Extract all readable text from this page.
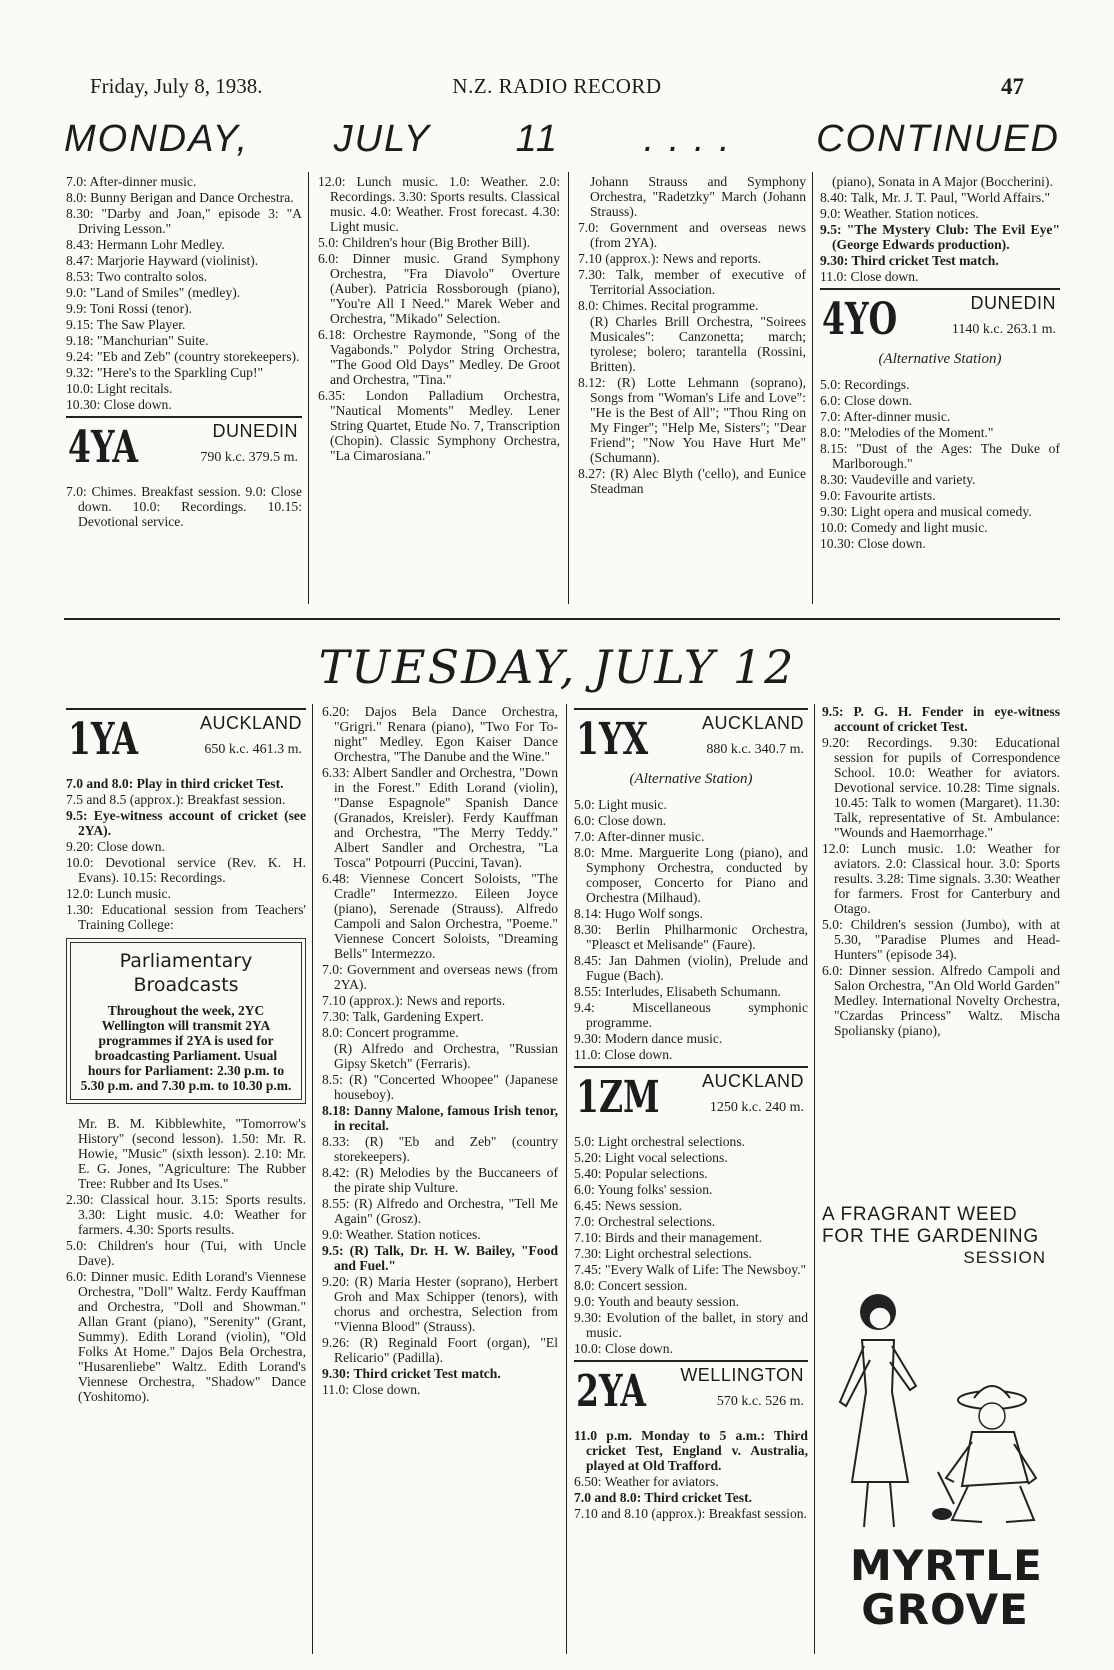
Friday, July 8, 1938.	N.Z. RADIO RECORD	47
MONDAY, JULY 11 . . . . CONTINUED

7.0: After-dinner music.

8.0: Bunny Berigan and Dance Orchestra.

8.30: "Darby and Joan," episode 3: "A Driving Lesson."

8.43: Hermann Lohr Medley.

8.47: Marjorie Hayward (violinist).

8.53: Two contralto solos.

9.0: "Land of Smiles" (medley).

9.9: Toni Rossi (tenor).

9.15: The Saw Player.

9.18: "Manchurian" Suite.

9.24: "Eb and Zeb" (country storekeepers).

9.32: "Here's to the Sparkling Cup!"

10.0: Light recitals.

10.30: Close down.

4YA	DUNEDIN
790 k.c. 379.5 m.

7.0: Chimes. Breakfast session. 9.0: Close down. 10.0: Recordings. 10.15: Devotional service.

12.0: Lunch music. 1.0: Weather. 2.0: Recordings. 3.30: Sports results. Classical music. 4.0: Weather. Frost forecast. 4.30: Light music.

5.0: Children's hour (Big Brother Bill).

6.0: Dinner music. Grand Symphony Orchestra, "Fra Diavolo" Overture (Auber). Patricia Rossborough (piano), "You're All I Need." Marek Weber and Orchestra, "Mikado" Selection.

6.18: Orchestre Raymonde, "Song of the Vagabonds." Polydor String Orchestra, "The Good Old Days" Medley. De Groot and Orchestra, "Tina."

6.35: London Palladium Orchestra, "Nautical Moments" Medley. Lener String Quartet, Etude No. 7, Transcription (Chopin). Classic Symphony Orchestra, "La Cimarosiana."

Johann Strauss and Symphony Orchestra, "Radetzky" March (Johann Strauss).

7.0: Government and overseas news (from 2YA).

7.10 (approx.): News and reports.

7.30: Talk, member of executive of Territorial Association.

8.0: Chimes. Recital programme.

(R) Charles Brill Orchestra, "Soirees Musicales": Canzonetta; march; tyrolese; bolero; tarantella (Rossini, Britten).

8.12: (R) Lotte Lehmann (soprano), Songs from "Woman's Life and Love": "He is the Best of All"; "Thou Ring on My Finger"; "Help Me, Sisters"; "Dear Friend"; "Now You Have Hurt Me" (Schumann).

8.27: (R) Alec Blyth ('cello), and Eunice Steadman

(piano), Sonata in A Major (Boccherini).

8.40: Talk, Mr. J. T. Paul, "World Affairs."

9.0: Weather. Station notices.

9.5: "The Mystery Club: The Evil Eye" (George Edwards production).

9.30: Third cricket Test match.

11.0: Close down.

4YO	DUNEDIN
1140 k.c. 263.1 m.
(Alternative Station)

5.0: Recordings.

6.0: Close down.

7.0: After-dinner music.

8.0: "Melodies of the Moment."

8.15: "Dust of the Ages: The Duke of Marlborough."

8.30: Vaudeville and variety.

9.0: Favourite artists.

9.30: Light opera and musical comedy.

10.0: Comedy and light music.

10.30: Close down.

TUESDAY, JULY 12
1YA	AUCKLAND
650 k.c. 461.3 m.

7.0 and 8.0: Play in third cricket Test.

7.5 and 8.5 (approx.): Breakfast session.

9.5: Eye-witness account of cricket (see 2YA).

9.20: Close down.

10.0: Devotional service (Rev. K. H. Evans). 10.15: Recordings.

12.0: Lunch music.

1.30: Educational session from Teachers' Training College:

Parliamentary
Broadcasts
Throughout the week, 2YC Wellington will transmit 2YA programmes if 2YA is used for broadcasting Parliament. Usual hours for Parliament: 2.30 p.m. to 5.30 p.m. and 7.30 p.m. to 10.30 p.m.

Mr. B. M. Kibblewhite, "Tomorrow's History" (second lesson). 1.50: Mr. R. Howie, "Music" (sixth lesson). 2.10: Mr. E. G. Jones, "Agriculture: The Rubber Tree: Rubber and Its Uses."

2.30: Classical hour. 3.15: Sports results. 3.30: Light music. 4.0: Weather for farmers. 4.30: Sports results.

5.0: Children's hour (Tui, with Uncle Dave).

6.0: Dinner music. Edith Lorand's Viennese Orchestra, "Doll" Waltz. Ferdy Kauffman and Orchestra, "Doll and Showman." Allan Grant (piano), "Serenity" (Grant, Summy). Edith Lorand (violin), "Old Folks At Home." Dajos Bela Orchestra, "Husarenliebe" Waltz. Edith Lorand's Viennese Orchestra, "Shadow" Dance (Yoshitomo).

6.20: Dajos Bela Dance Orchestra, "Grigri." Renara (piano), "Two For To-night" Medley. Egon Kaiser Dance Orchestra, "The Danube and the Wine."

6.33: Albert Sandler and Orchestra, "Down in the Forest." Edith Lorand (violin), "Danse Espagnole" Spanish Dance (Granados, Kreisler). Ferdy Kauffman and Orchestra, "The Merry Teddy." Albert Sandler and Orchestra, "La Tosca" Potpourri (Puccini, Tavan).

6.48: Viennese Concert Soloists, "The Cradle" Intermezzo. Eileen Joyce (piano), Serenade (Strauss). Alfredo Campoli and Salon Orchestra, "Poeme." Viennese Concert Soloists, "Dreaming Bells" Intermezzo.

7.0: Government and overseas news (from 2YA).

7.10 (approx.): News and reports.

7.30: Talk, Gardening Expert.

8.0: Concert programme.

(R) Alfredo and Orchestra, "Russian Gipsy Sketch" (Ferraris).

8.5: (R) "Concerted Whoopee" (Japanese houseboy).

8.18: Danny Malone, famous Irish tenor, in recital.

8.33: (R) "Eb and Zeb" (country storekeepers).

8.42: (R) Melodies by the Buccaneers of the pirate ship Vulture.

8.55: (R) Alfredo and Orchestra, "Tell Me Again" (Grosz).

9.0: Weather. Station notices.

9.5: (R) Talk, Dr. H. W. Bailey, "Food and Fuel."

9.20: (R) Maria Hester (soprano), Herbert Groh and Max Schipper (tenors), with chorus and orchestra, Selection from "Vienna Blood" (Strauss).

9.26: (R) Reginald Foort (organ), "El Relicario" (Padilla).

9.30: Third cricket Test match.

11.0: Close down.

1YX	AUCKLAND
880 k.c. 340.7 m.
(Alternative Station)

5.0: Light music.

6.0: Close down.

7.0: After-dinner music.

8.0: Mme. Marguerite Long (piano), and Symphony Orchestra, conducted by composer, Concerto for Piano and Orchestra (Milhaud).

8.14: Hugo Wolf songs.

8.30: Berlin Philharmonic Orchestra, "Pleasct et Melisande" (Faure).

8.45: Jan Dahmen (violin), Prelude and Fugue (Bach).

8.55: Interludes, Elisabeth Schumann.

9.4: Miscellaneous symphonic programme.

9.30: Modern dance music.

11.0: Close down.

1ZM AUCKLAND
1250 k.c. 240 m.

5.0: Light orchestral selections.

5.20: Light vocal selections.

5.40: Popular selections.

6.0: Young folks' session.

6.45: News session.

7.0: Orchestral selections.

7.10: Birds and their management.

7.30: Light orchestral selections.

7.45: "Every Walk of Life: The Newsboy."

8.0: Concert session.

9.0: Youth and beauty session.

9.30: Evolution of the ballet, in story and music.

10.0: Close down.

2YA WELLINGTON
570 k.c. 526 m.

11.0 p.m. Monday to 5 a.m.: Third cricket Test, England v. Australia, played at Old Trafford.

6.50: Weather for aviators.

7.0 and 8.0: Third cricket Test.

7.10 and 8.10 (approx.): Breakfast session.

9.5: P. G. H. Fender in eye-witness account of cricket Test.

9.20: Recordings. 9.30: Educational session for pupils of Correspondence School. 10.0: Weather for aviators. Devotional service. 10.28: Time signals. 10.45: Talk to women (Margaret). 11.30: Talk, representative of St. Ambulance: "Wounds and Haemorrhage."

12.0: Lunch music. 1.0: Weather for aviators. 2.0: Classical hour. 3.0: Sports results. 3.28: Time signals. 3.30: Weather for farmers. Frost for Canterbury and Otago.

5.0: Children's session (Jumbo), with at 5.30, "Paradise Plumes and Head-Hunters" (episode 34).

6.0: Dinner session. Alfredo Campoli and Salon Orchestra, "An Old World Garden" Medley. International Novelty Orchestra, "Czardas Princess" Waltz. Mischa Spoliansky (piano),

A FRAGRANT WEED
FOR THE GARDENING
SESSION
MYRTLE
GROVE
